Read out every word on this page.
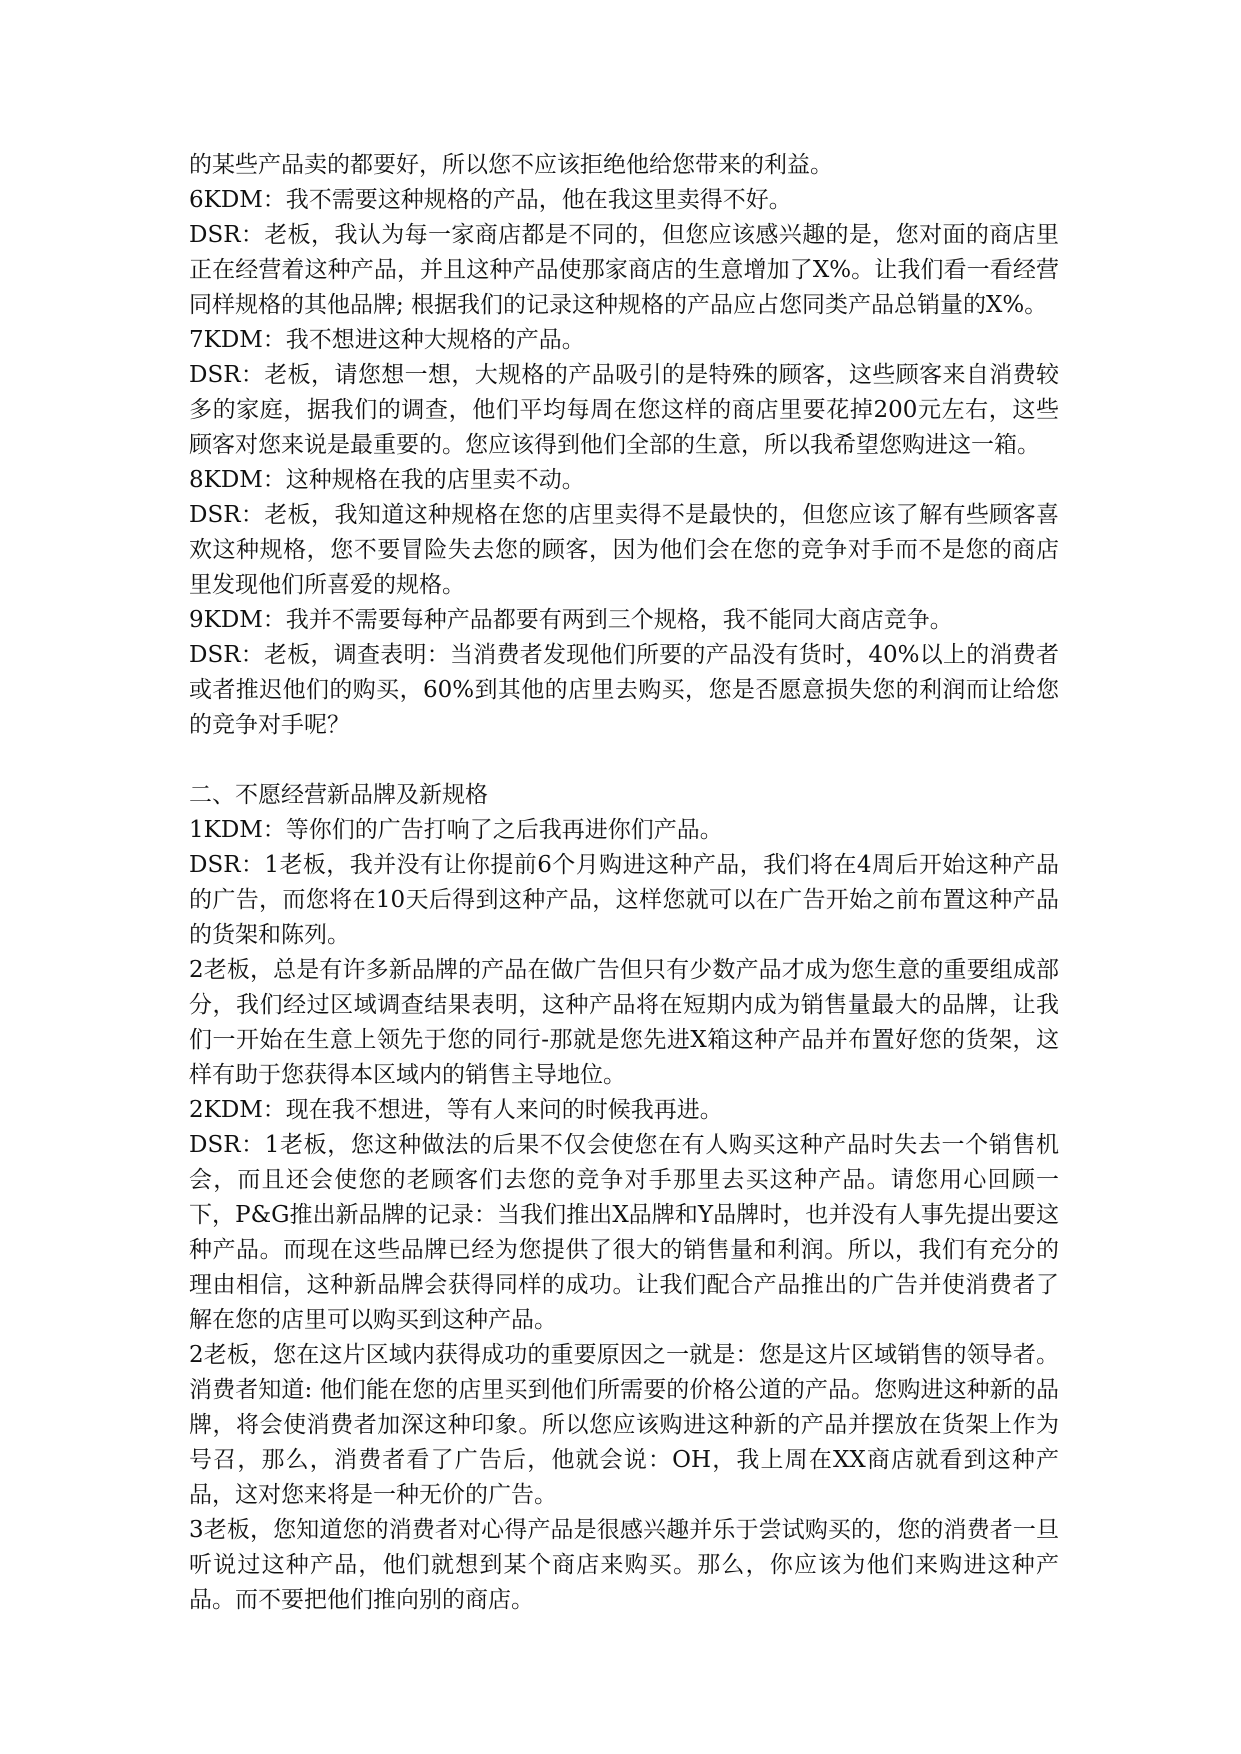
的某些产品卖的都要好，所以您不应该拒绝他给您带来的利益。

6KDM：我不需要这种规格的产品，他在我这里卖得不好。

DSR：老板，我认为每一家商店都是不同的，但您应该感兴趣的是，您对面的商店里正在经营着这种产品，并且这种产品使那家商店的生意增加了X%。让我们看一看经营同样规格的其他品牌; 根据我们的记录这种规格的产品应占您同类产品总销量的X%。

7KDM：我不想进这种大规格的产品。

DSR：老板，请您想一想，大规格的产品吸引的是特殊的顾客，这些顾客来自消费较多的家庭，据我们的调查，他们平均每周在您这样的商店里要花掉200元左右，这些顾客对您来说是最重要的。您应该得到他们全部的生意，所以我希望您购进这一箱。

8KDM：这种规格在我的店里卖不动。

DSR：老板，我知道这种规格在您的店里卖得不是最快的，但您应该了解有些顾客喜欢这种规格，您不要冒险失去您的顾客，因为他们会在您的竞争对手而不是您的商店里发现他们所喜爱的规格。

9KDM：我并不需要每种产品都要有两到三个规格，我不能同大商店竞争。

DSR：老板，调查表明：当消费者发现他们所要的产品没有货时，40%以上的消费者或者推迟他们的购买，60%到其他的店里去购买，您是否愿意损失您的利润而让给您的竞争对手呢？

二、不愿经营新品牌及新规格

1KDM：等你们的广告打响了之后我再进你们产品。

DSR：1老板，我并没有让你提前6个月购进这种产品，我们将在4周后开始这种产品的广告，而您将在10天后得到这种产品，这样您就可以在广告开始之前布置这种产品的货架和陈列。

2老板，总是有许多新品牌的产品在做广告但只有少数产品才成为您生意的重要组成部分，我们经过区域调查结果表明，这种产品将在短期内成为销售量最大的品牌，让我们一开始在生意上领先于您的同行-那就是您先进X箱这种产品并布置好您的货架，这样有助于您获得本区域内的销售主导地位。

2KDM：现在我不想进，等有人来问的时候我再进。

DSR：1老板，您这种做法的后果不仅会使您在有人购买这种产品时失去一个销售机会，而且还会使您的老顾客们去您的竞争对手那里去买这种产品。请您用心回顾一下，P&G推出新品牌的记录：当我们推出X品牌和Y品牌时，也并没有人事先提出要这种产品。而现在这些品牌已经为您提供了很大的销售量和利润。所以，我们有充分的理由相信，这种新品牌会获得同样的成功。让我们配合产品推出的广告并使消费者了解在您的店里可以购买到这种产品。

2老板，您在这片区域内获得成功的重要原因之一就是：您是这片区域销售的领导者。消费者知道: 他们能在您的店里买到他们所需要的价格公道的产品。您购进这种新的品牌，将会使消费者加深这种印象。所以您应该购进这种新的产品并摆放在货架上作为号召，那么，消费者看了广告后，他就会说：OH，我上周在XX商店就看到这种产品，这对您来将是一种无价的广告。

3老板，您知道您的消费者对心得产品是很感兴趣并乐于尝试购买的，您的消费者一旦听说过这种产品，他们就想到某个商店来购买。那么，你应该为他们来购进这种产品。而不要把他们推向别的商店。
